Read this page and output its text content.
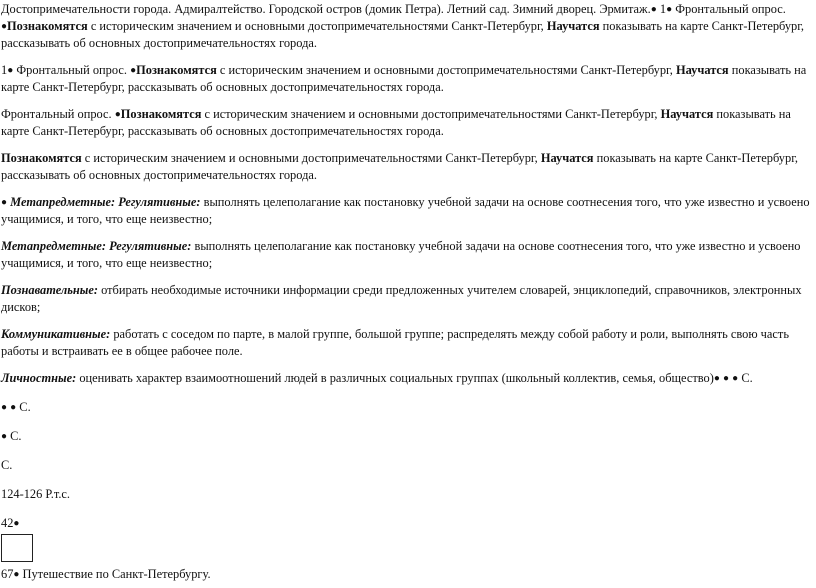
Достопримечательности города. Адмиралтейство. Городской остров (домик Петра). Летний сад. Зимний дворец. Эрмитаж.● 1● Фронтальный опрос.
●Познакомятся с историческим значением и основными достопримечательностями Санкт-Петербург, Научатся показывать на карте Санкт-Петербург, рассказывать об основных достопримечательностях города.

1● Фронтальный опрос. ●Познакомятся с историческим значением и основными достопримечательностями Санкт-Петербург, Научатся показывать на карте Санкт-Петербург, рассказывать об основных достопримечательностях города.

Фронтальный опрос. ●Познакомятся с историческим значением и основными достопримечательностями Санкт-Петербург, Научатся показывать на карте Санкт-Петербург, рассказывать об основных достопримечательностях города.

Познакомятся с историческим значением и основными достопримечательностями Санкт-Петербург, Научатся показывать на карте Санкт-Петербург, рассказывать об основных достопримечательностях города.

● Метапредметные: Регулятивные: выполнять целеполагание как постановку учебной задачи на основе соотнесения того, что уже известно и усвоено учащимися, и того, что еще неизвестно;

Метапредметные: Регулятивные: выполнять целеполагание как постановку учебной задачи на основе соотнесения того, что уже известно и усвоено учащимися, и того, что еще неизвестно;

Познавательные: отбирать необходимые источники информации среди предложенных учителем словарей, энциклопедий, справочников, электронных дисков;

Коммуникативные: работать с соседом по парте, в малой группе, большой группе; распределять между собой работу и роли, выполнять свою часть работы и встраивать ее в общее рабочее поле.

Личностные: оценивать характер взаимоотношений людей в различных социальных группах (школьный коллектив, семья, общество)● ● ● С.

● ● С.

● С.

С.

124-126 Р.т.с.

42●

67● Путешествие по Санкт-Петербургу.
